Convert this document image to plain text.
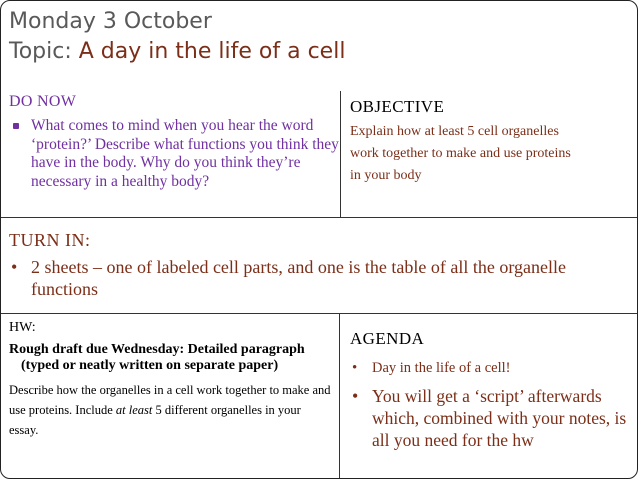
Monday 3 October
Topic: A day in the life of a cell
DO NOW
What comes to mind when you hear the word ‘protein?’ Describe what functions you think they have in the body. Why do you think they’re necessary in a healthy body?
OBJECTIVE
Explain how at least 5 cell organelles work together to make and use proteins in your body
TURN IN:
• 2 sheets – one of labeled cell parts, and one is the table of all the organelle functions
HW:
Rough draft due Wednesday: Detailed paragraph (typed or neatly written on separate paper)
Describe how the organelles in a cell work together to make and use proteins. Include at least 5 different organelles in your essay.
AGENDA
• Day in the life of a cell!
• You will get a ‘script’ afterwards which, combined with your notes, is all you need for the hw
